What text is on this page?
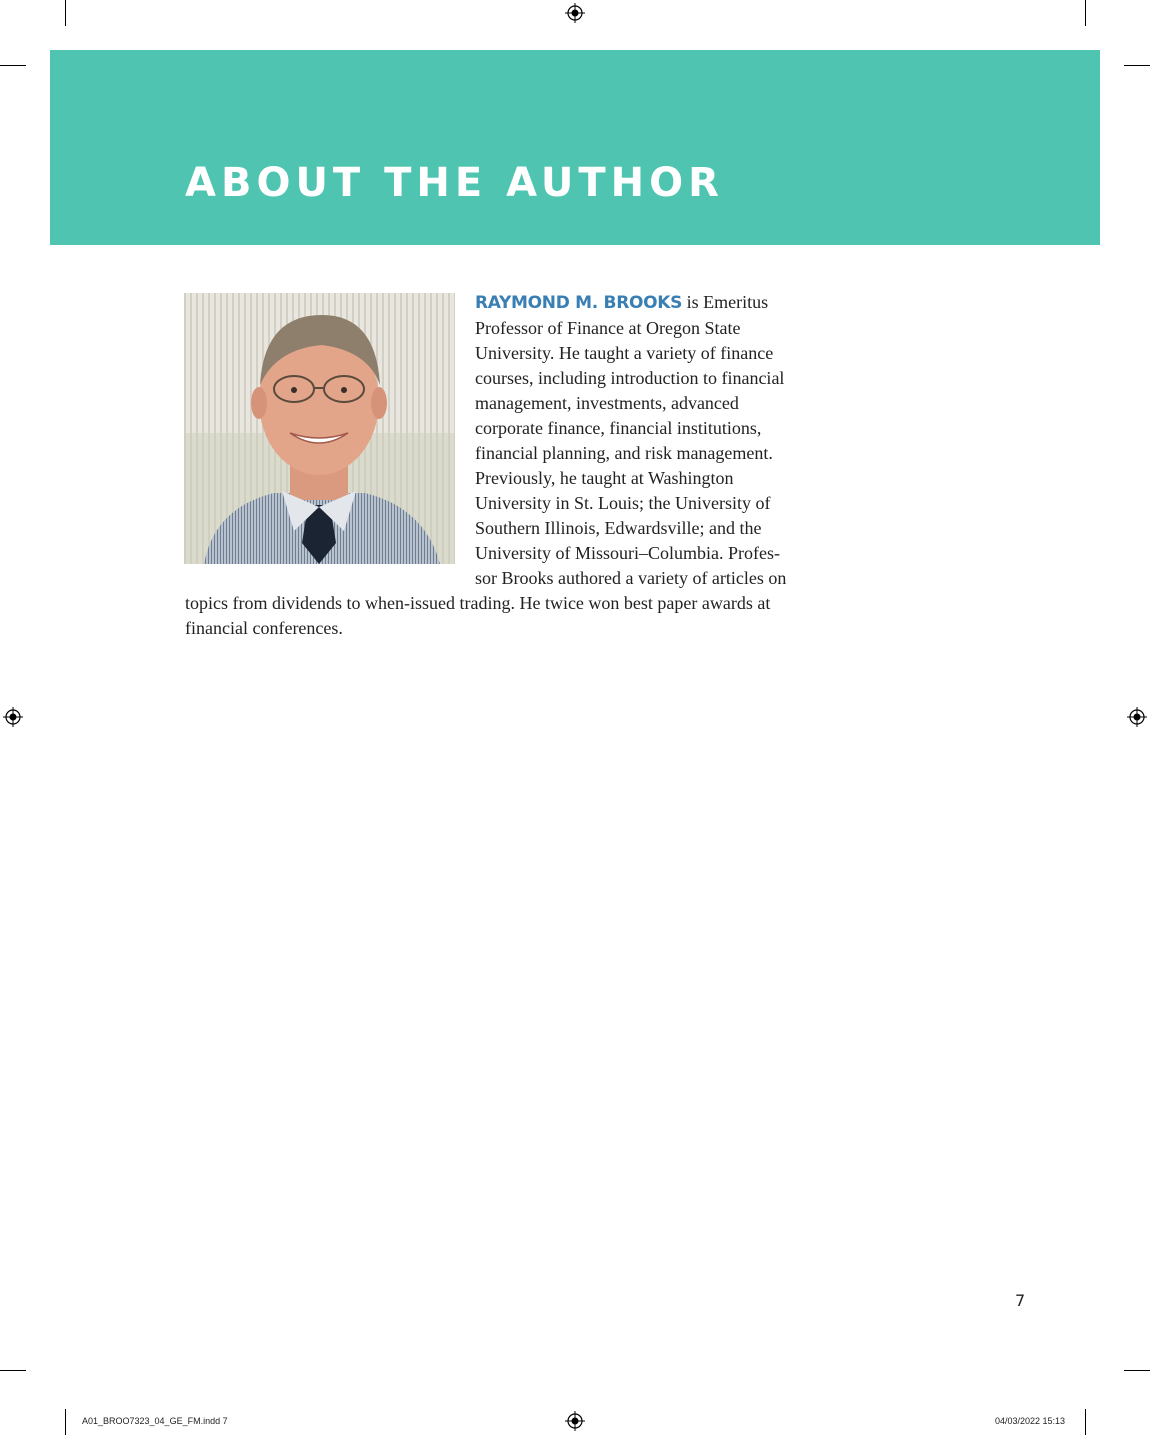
ABOUT THE AUTHOR

RAYMOND M. BROOKS is Emeritus Professor of Finance at Oregon State University. He taught a variety of finance courses, including introduction to financial management, investments, advanced corporate finance, financial institutions, financial planning, and risk management. Previously, he taught at Washington University in St. Louis; the University of Southern Illinois, Edwardsville; and the University of Missouri–Columbia. Professor Brooks authored a variety of articles on topics from dividends to when-issued trading. He twice won best paper awards at financial conferences.

7
A01_BROO7323_04_GE_FM.indd 7	04/03/2022 15:13
